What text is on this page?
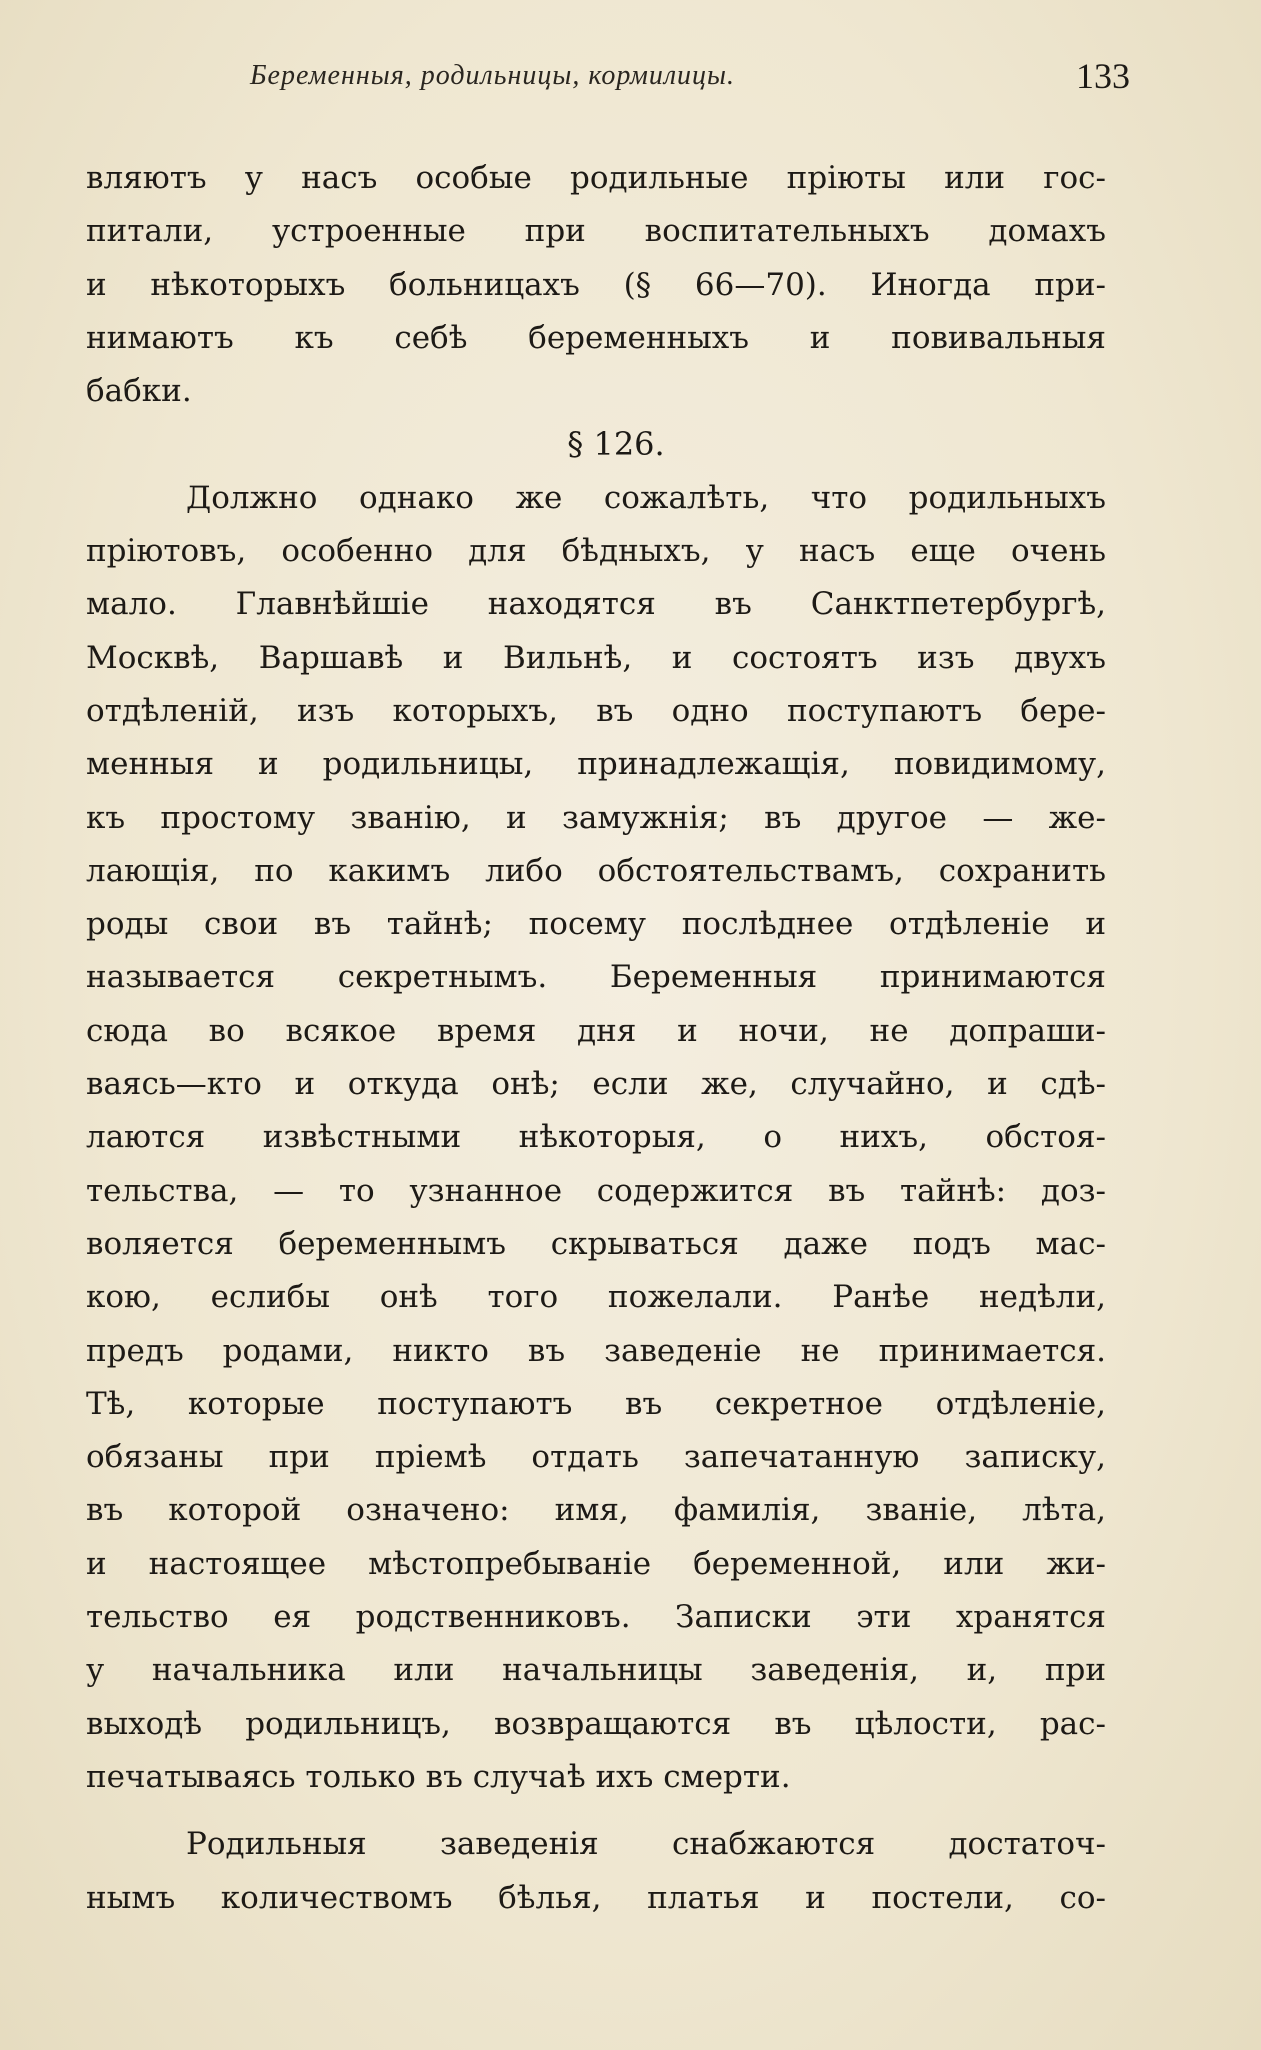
Беременныя, родильницы, кормилицы.	133
вляютъ у насъ особые родильные пріюты или гос-
питали, устроенные при воспитательныхъ домахъ
и нѣкоторыхъ больницахъ (§ 66—70). Иногда при-
нимаютъ къ себѣ беременныхъ и повивальныя
бабки.
§ 126.
Должно однако же сожалѣть, что родильныхъ
пріютовъ, особенно для бѣдныхъ, у насъ еще очень
мало. Главнѣйшіе находятся въ Санктпетербургѣ,
Москвѣ, Варшавѣ и Вильнѣ, и состоятъ изъ двухъ
отдѣленій, изъ которыхъ, въ одно поступаютъ бере-
менныя и родильницы, принадлежащія, повидимому,
къ простому званію, и замужнія; въ другое — же-
лающія, по какимъ либо обстоятельствамъ, сохранить
роды свои въ тайнѣ; посему послѣднее отдѣленіе и
называется секретнымъ. Беременныя принимаются
сюда во всякое время дня и ночи, не допраши-
ваясь—кто и откуда онѣ; если же, случайно, и сдѣ-
лаются извѣстными нѣкоторыя, о нихъ, обстоя-
тельства, — то узнанное содержится въ тайнѣ: доз-
воляется беременнымъ скрываться даже подъ мас-
кою, еслибы онѣ того пожелали. Ранѣе недѣли,
предъ родами, никто въ заведеніе не принимается.
Тѣ, которые поступаютъ въ секретное отдѣленіе,
обязаны при пріемѣ отдать запечатанную записку,
въ которой означено: имя, фамилія, званіе, лѣта,
и настоящее мѣстопребываніе беременной, или жи-
тельство ея родственниковъ. Записки эти хранятся
у начальника или начальницы заведенія, и, при
выходѣ родильницъ, возвращаются въ цѣлости, рас-
печатываясь только въ случаѣ ихъ смерти.
Родильныя заведенія снабжаются достаточ-
нымъ количествомъ бѣлья, платья и постели, со-
